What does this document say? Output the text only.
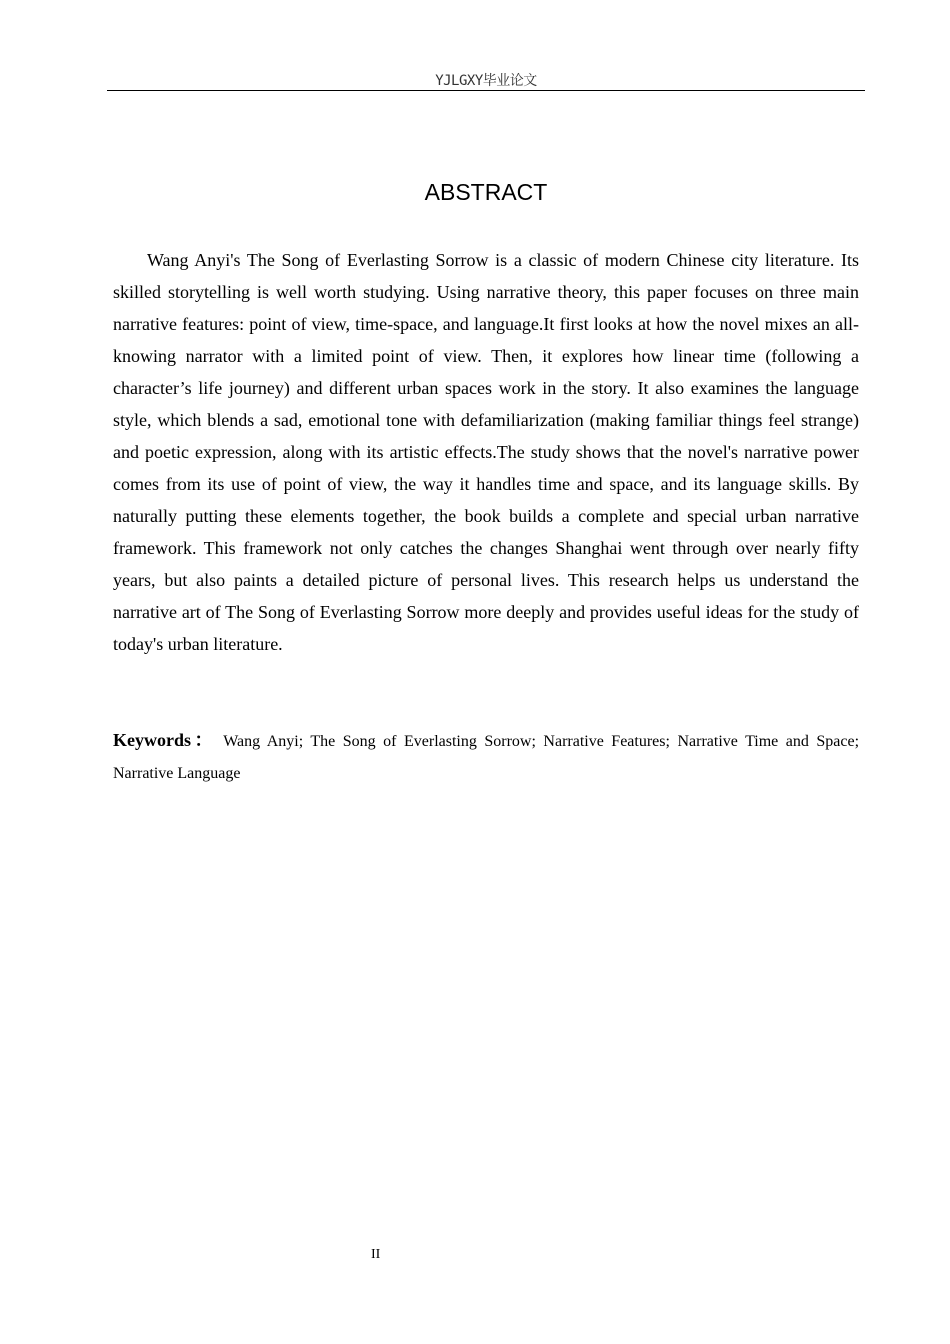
YJLGXY毕业论文
ABSTRACT

Wang Anyi's The Song of Everlasting Sorrow is a classic of modern Chinese city literature. Its skilled storytelling is well worth studying. Using narrative theory, this paper focuses on three main narrative features: point of view, time-space, and language.It first looks at how the novel mixes an all-knowing narrator with a limited point of view. Then, it explores how linear time (following a character’s life journey) and different urban spaces work in the story. It also examines the language style, which blends a sad, emotional tone with defamiliarization (making familiar things feel strange) and poetic expression, along with its artistic effects.The study shows that the novel's narrative power comes from its use of point of view, the way it handles time and space, and its language skills. By naturally putting these elements together, the book builds a complete and special urban narrative framework. This framework not only catches the changes Shanghai went through over nearly fifty years, but also paints a detailed picture of personal lives. This research helps us understand the narrative art of The Song of Everlasting Sorrow more deeply and provides useful ideas for the study of today's urban literature.

Keywords： Wang Anyi; The Song of Everlasting Sorrow; Narrative Features; Narrative Time and Space; Narrative Language

II
